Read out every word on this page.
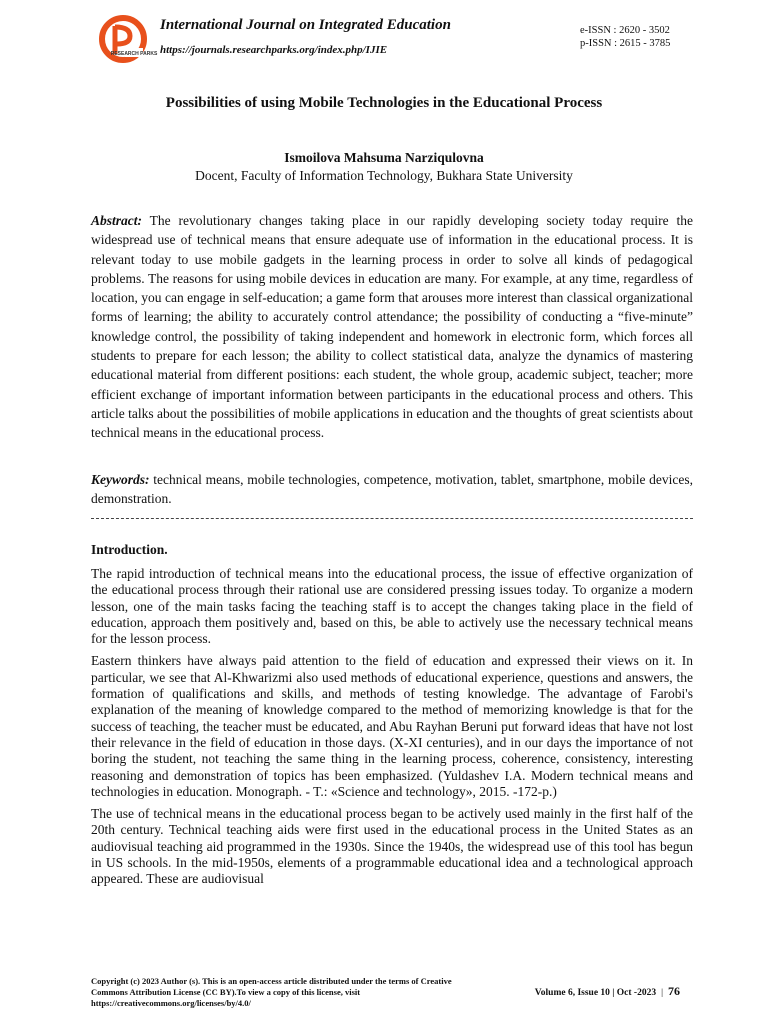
RESEARCH PARKS
International Journal on Integrated Education
https://journals.researchparks.org/index.php/IJIE
e-ISSN : 2620 - 3502
p-ISSN : 2615 - 3785
Possibilities of using Mobile Technologies in the Educational Process
Ismoilova Mahsuma Narziqulovna
Docent, Faculty of Information Technology, Bukhara State University
Abstract: The revolutionary changes taking place in our rapidly developing society today require the widespread use of technical means that ensure adequate use of information in the educational process. It is relevant today to use mobile gadgets in the learning process in order to solve all kinds of pedagogical problems. The reasons for using mobile devices in education are many. For example, at any time, regardless of location, you can engage in self-education; a game form that arouses more interest than classical organizational forms of learning; the ability to accurately control attendance; the possibility of conducting a “five-minute” knowledge control, the possibility of taking independent and homework in electronic form, which forces all students to prepare for each lesson; the ability to collect statistical data, analyze the dynamics of mastering educational material from different positions: each student, the whole group, academic subject, teacher; more efficient exchange of important information between participants in the educational process and others. This article talks about the possibilities of mobile applications in education and the thoughts of great scientists about technical means in the educational process.
Keywords: technical means, mobile technologies, competence, motivation, tablet, smartphone, mobile devices, demonstration.
Introduction.

The rapid introduction of technical means into the educational process, the issue of effective organization of the educational process through their rational use are considered pressing issues today. To organize a modern lesson, one of the main tasks facing the teaching staff is to accept the changes taking place in the field of education, approach them positively and, based on this, be able to actively use the necessary technical means for the lesson process.

Eastern thinkers have always paid attention to the field of education and expressed their views on it. In particular, we see that Al-Khwarizmi also used methods of educational experience, questions and answers, the formation of qualifications and skills, and methods of testing knowledge. The advantage of Farobi's explanation of the meaning of knowledge compared to the method of memorizing knowledge is that for the success of teaching, the teacher must be educated, and Abu Rayhan Beruni put forward ideas that have not lost their relevance in the field of education in those days. (X-XI centuries), and in our days the importance of not boring the student, not teaching the same thing in the learning process, coherence, consistency, interesting reasoning and demonstration of topics has been emphasized. (Yuldashev I.A. Modern technical means and technologies in education. Monograph. - T.: «Science and technology», 2015. -172-p.)

The use of technical means in the educational process began to be actively used mainly in the first half of the 20th century. Technical teaching aids were first used in the educational process in the United States as an audiovisual teaching aid programmed in the 1930s. Since the 1940s, the widespread use of this tool has begun in US schools. In the mid-1950s, elements of a programmable educational idea and a technological approach appeared. These are audiovisual

Copyright (c) 2023 Author (s). This is an open-access article distributed under the terms of Creative Commons Attribution License (CC BY).To view a copy of this license, visit https://creativecommons.org/licenses/by/4.0/
Volume 6, Issue 10 | Oct -2023 | 76
